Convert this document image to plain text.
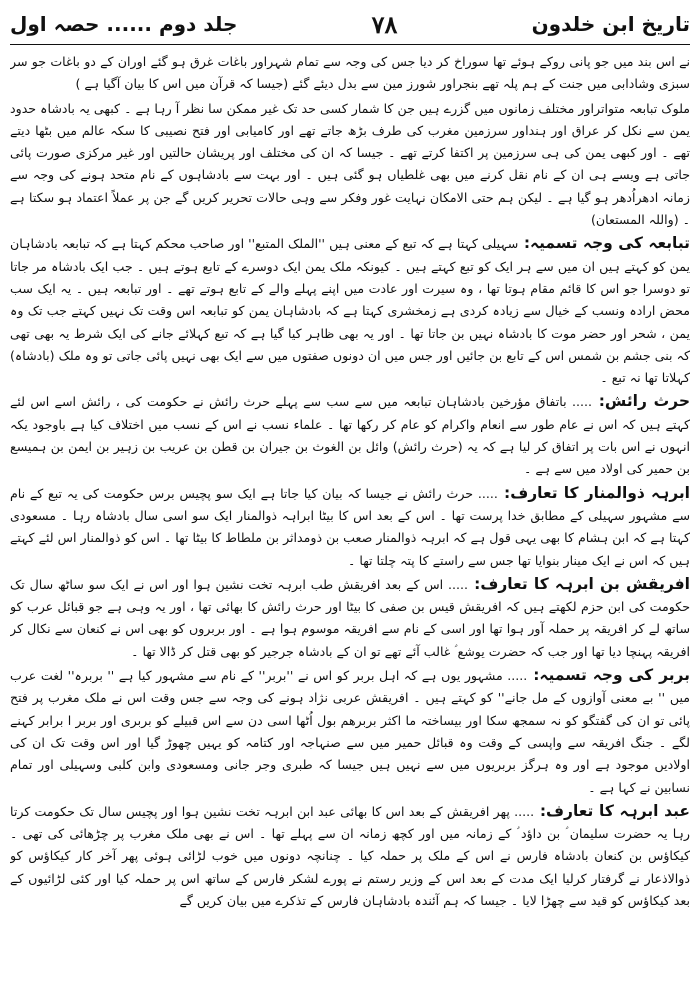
جلد دوم ...... حصہ اول	۷۸	تاریخ ابن خلدون

نے اس بند میں جو پانی روکے ہوئے تھا سوراخ کر دیا جس کی وجہ سے تمام شہراور باغات غرق ہو گئے اوران کے دو باغات جو سر سبزی وشادابی میں جنت کے ہم پلہ تھے بنجراور شورز مین سے بدل دیئے گئے (جیسا کہ قرآن میں اس کا بیان آگیا ہے )

ملوک تبابعہ متواتراور مختلف زمانوں میں گزرے ہیں جن کا شمار کسی حد تک غیر ممکن سا نظر آ رہا ہے ۔ کبھی یہ بادشاہ حدود یمن سے نکل کر عراق اور ہنداور سرزمین مغرب کی طرف بڑھ جاتے تھے اور کامیابی اور فتح نصیبی کا سکہ عالم میں بٹھا دیتے تھے ۔ اور کبھی یمن کی ہی سرزمین پر اکتفا کرتے تھے ۔ جیسا کہ ان کی مختلف اور پریشان حالتیں اور غیر مرکزی صورت پائی جاتی ہے ویسے ہی ان کے نام نقل کرنے میں بھی غلطیاں ہو گئی ہیں ۔ اور بہت سے بادشاہوں کے نام متحد ہونے کی وجہ سے زمانہ ادھراُدھر ہو گیا ہے ۔ لیکن ہم حتی الامکان نہایت غور وفکر سے وہی حالات تحریر کریں گے جن پر عملاً اعتماد ہو سکتا ہے ۔ (واللہ المستعان)

تبابعہ کی وجہ تسمیہ: سہیلی کہتا ہے کہ تبع کے معنی ہیں ''الملک المتبع'' اور صاحب محکم کہتا ہے کہ تبابعہ بادشاہان یمن کو کہتے ہیں ان میں سے ہر ایک کو تبع کہتے ہیں ۔ کیونکہ ملک یمن ایک دوسرے کے تابع ہوتے ہیں ۔ جب ایک بادشاہ مر جاتا تو دوسرا جو اس کا قائم مقام ہوتا تھا ، وہ سیرت اور عادت میں اپنے پہلے والے کے تابع ہوتے تھے ۔ اور تبابعہ ہیں ۔ یہ ایک سب محض ارادہ ونسب کے خیال سے زیادہ کردی ہے زمخشری کہتا ہے کہ بادشاہان یمن کو تبابعہ اس وقت تک نہیں کہتے جب تک وہ یمن ، شحر اور حضر موت کا بادشاہ نہیں بن جاتا تھا ۔ اور یہ بھی ظاہر کیا گیا ہے کہ تبع کہلائے جانے کی ایک شرط یہ بھی تھی کہ بنی جشم بن شمس اس کے تابع بن جائیں اور جس میں ان دونوں صفتوں میں سے ایک بھی نہیں پائی جاتی تو وہ ملک (بادشاہ) کہلاتا تھا نہ تبع ۔

حرث رائش: ..... باتفاق مؤرخین بادشاہان تبابعہ میں سے سب سے پہلے حرث رائش نے حکومت کی ، رائش اسے اس لئے کہتے ہیں کہ اس نے عام طور سے انعام واکرام کو عام کر رکھا تھا ۔ علماء نسب نے اس کے نسب میں اختلاف کیا ہے باوجود یکہ انہوں نے اس بات پر اتفاق کر لیا ہے کہ یہ (حرث رائش) وائل بن الغوث بن جیران بن قطن بن عریب بن زہیر بن ایمن بن ہمیسع بن حمیر کی اولاد میں سے ہے ۔

ابرہہ ذوالمنار کا تعارف: ..... حرث رائش نے جیسا کہ بیان کیا جاتا ہے ایک سو پچیس برس حکومت کی یہ تبع کے نام سے مشہور سہیلی کے مطابق خدا پرست تھا ۔ اس کے بعد اس کا بیٹا ابراہہ ذوالمنار ایک سو اسی سال بادشاہ رہا ۔ مسعودی کہتا ہے کہ ابن ہشام کا بھی یہی قول ہے کہ ابرہہ ذوالمنار صعب بن ذومداثر بن ملطاط کا بیٹا تھا ۔ اس کو ذوالمنار اس لئے کہتے ہیں کہ اس نے ایک مینار بنوایا تھا جس سے راستے کا پتہ چلتا تھا ۔

افریقش بن ابرہہ کا تعارف: ..... اس کے بعد افریقش طب ابرہہ تخت نشین ہوا اور اس نے ایک سو ساٹھ سال تک حکومت کی ابن حزم لکھتے ہیں کہ افریقش قیس بن صفی کا بیٹا اور حرث رائش کا بھائی تھا ، اور یہ وہی ہے جو قبائل عرب کو ساتھ لے کر افریقہ پر حملہ آور ہوا تھا اور اسی کے نام سے افریقہ موسوم ہوا ہے ۔ اور بربروں کو بھی اس نے کنعان سے نکال کر افریقہ پہنچا دیا تھا اور جب کہ حضرت یوشع ؑ غالب آئے تھے تو ان کے بادشاہ جرجیر کو بھی قتل کر ڈالا تھا ۔

بربر کی وجہ تسمیہ: ..... مشہور یوں ہے کہ اہل بربر کو اس نے ''بربر'' کے نام سے مشہور کیا ہے '' بربرہ'' لغت عرب میں '' بے معنی آوازوں کے مل جانے'' کو کہتے ہیں ۔ افریقش عربی نژاد ہونے کی وجہ سے جس وقت اس نے ملک مغرب پر فتح پائی تو ان کی گفتگو کو نہ سمجھ سکا اور بیساختہ ما اکثر بربرھم بول اُٹھا اسی دن سے اس قبیلے کو بربری اور بربر ا برابر کہنے لگے ۔ جنگ افریقہ سے واپسی کے وقت وہ قبائل حمیر میں سے صنہاجہ اور کتامہ کو یہیں چھوڑ گیا اور اس وقت تک ان کی اولادیں موجود ہے اور وہ ہرگز بربریوں میں سے نہیں ہیں جیسا کہ طبری وجر جانی ومسعودی وابن کلبی وسہیلی اور تمام نسابین نے کہا ہے ۔

عبد ابرہہ کا تعارف: ..... پھر افریقش کے بعد اس کا بھائی عبد ابن ابرہہ تخت نشین ہوا اور پچیس سال تک حکومت کرتا رہا یہ حضرت سلیمان ؑ بن داؤد ؑ کے زمانہ میں اور کچھ زمانہ ان سے پہلے تھا ۔ اس نے بھی ملک مغرب پر چڑھائی کی تھی ۔ کیکاؤس بن کنعان بادشاہ فارس نے اس کے ملک پر حملہ کیا ۔ چنانچہ دونوں میں خوب لڑائی ہوئی پھر آخر کار کیکاؤس کو ذوالاذعار نے گرفتار کرلیا ایک مدت کے بعد اس کے وزیر رستم نے پورے لشکر فارس کے ساتھ اس پر حملہ کیا اور کئی لڑائیوں کے بعد کیکاؤس کو قید سے چھڑا لایا ۔ جیسا کہ ہم آئندہ بادشاہان فارس کے تذکرے میں بیان کریں گے
